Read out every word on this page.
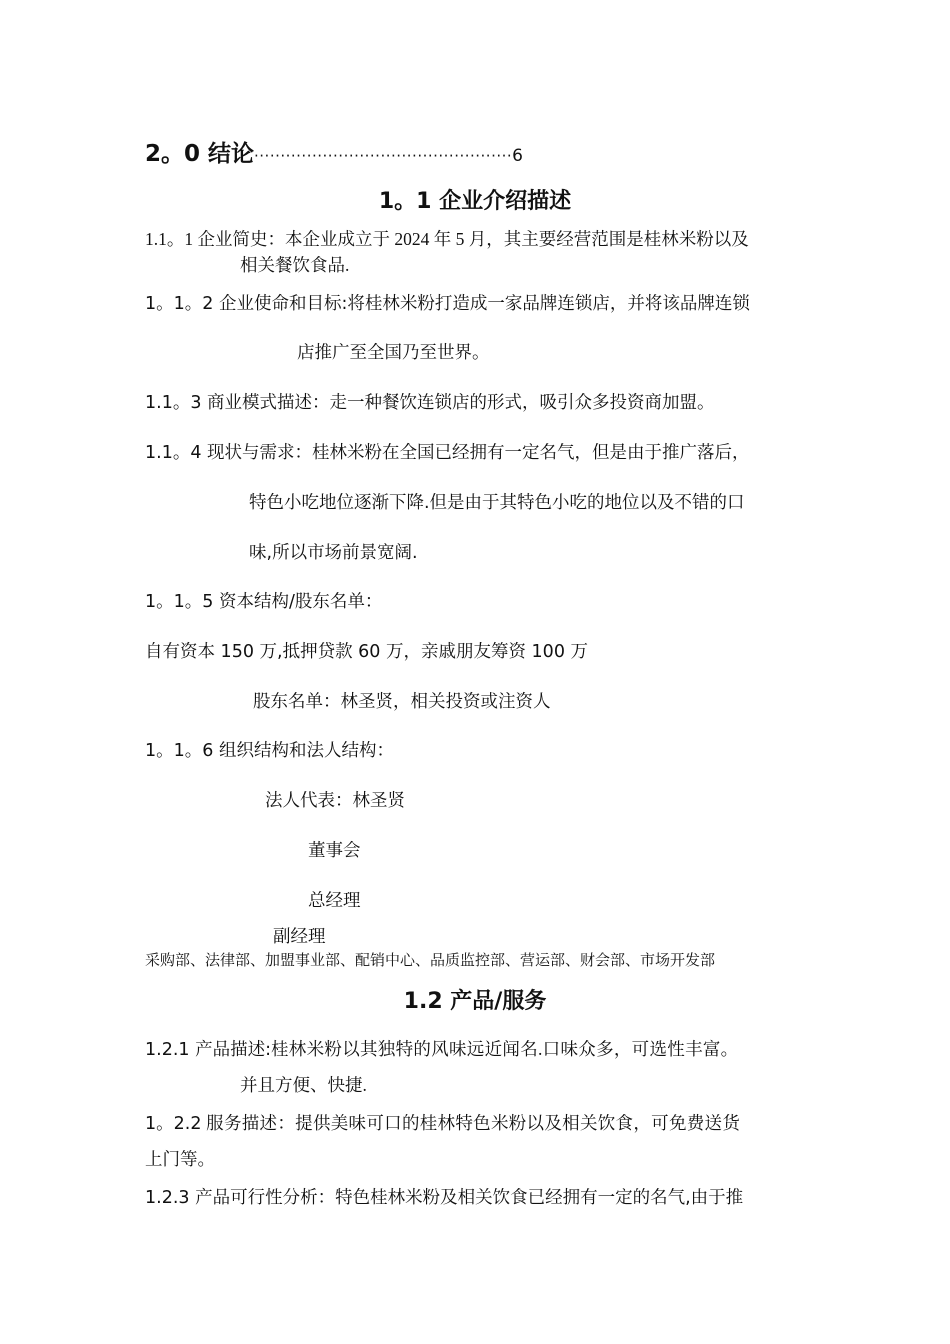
2。0 结论·················································6
1。1 企业介绍描述
1.1。1 企业简史：本企业成立于 2024 年 5 月，其主要经营范围是桂林米粉以及
相关餐饮食品.
1。1。2 企业使命和目标:将桂林米粉打造成一家品牌连锁店，并将该品牌连锁
店推广至全国乃至世界。
1.1。3 商业模式描述：走一种餐饮连锁店的形式，吸引众多投资商加盟。
1.1。4 现状与需求：桂林米粉在全国已经拥有一定名气，但是由于推广落后，
特色小吃地位逐渐下降.但是由于其特色小吃的地位以及不错的口
味,所以市场前景宽阔.
1。1。5 资本结构/股东名单：
自有资本 150 万,抵押贷款 60 万，亲戚朋友筹资 100 万
股东名单：林圣贤，相关投资或注资人
1。1。6 组织结构和法人结构：
法人代表：林圣贤
董事会
总经理
副经理
采购部、法律部、加盟事业部、配销中心、品质监控部、营运部、财会部、市场开发部
1.2 产品/服务
1.2.1 产品描述:桂林米粉以其独特的风味远近闻名.口味众多，可选性丰富。
并且方便、快捷.
1。2.2 服务描述：提供美味可口的桂林特色米粉以及相关饮食，可免费送货
上门等。
1.2.3 产品可行性分析：特色桂林米粉及相关饮食已经拥有一定的名气,由于推
